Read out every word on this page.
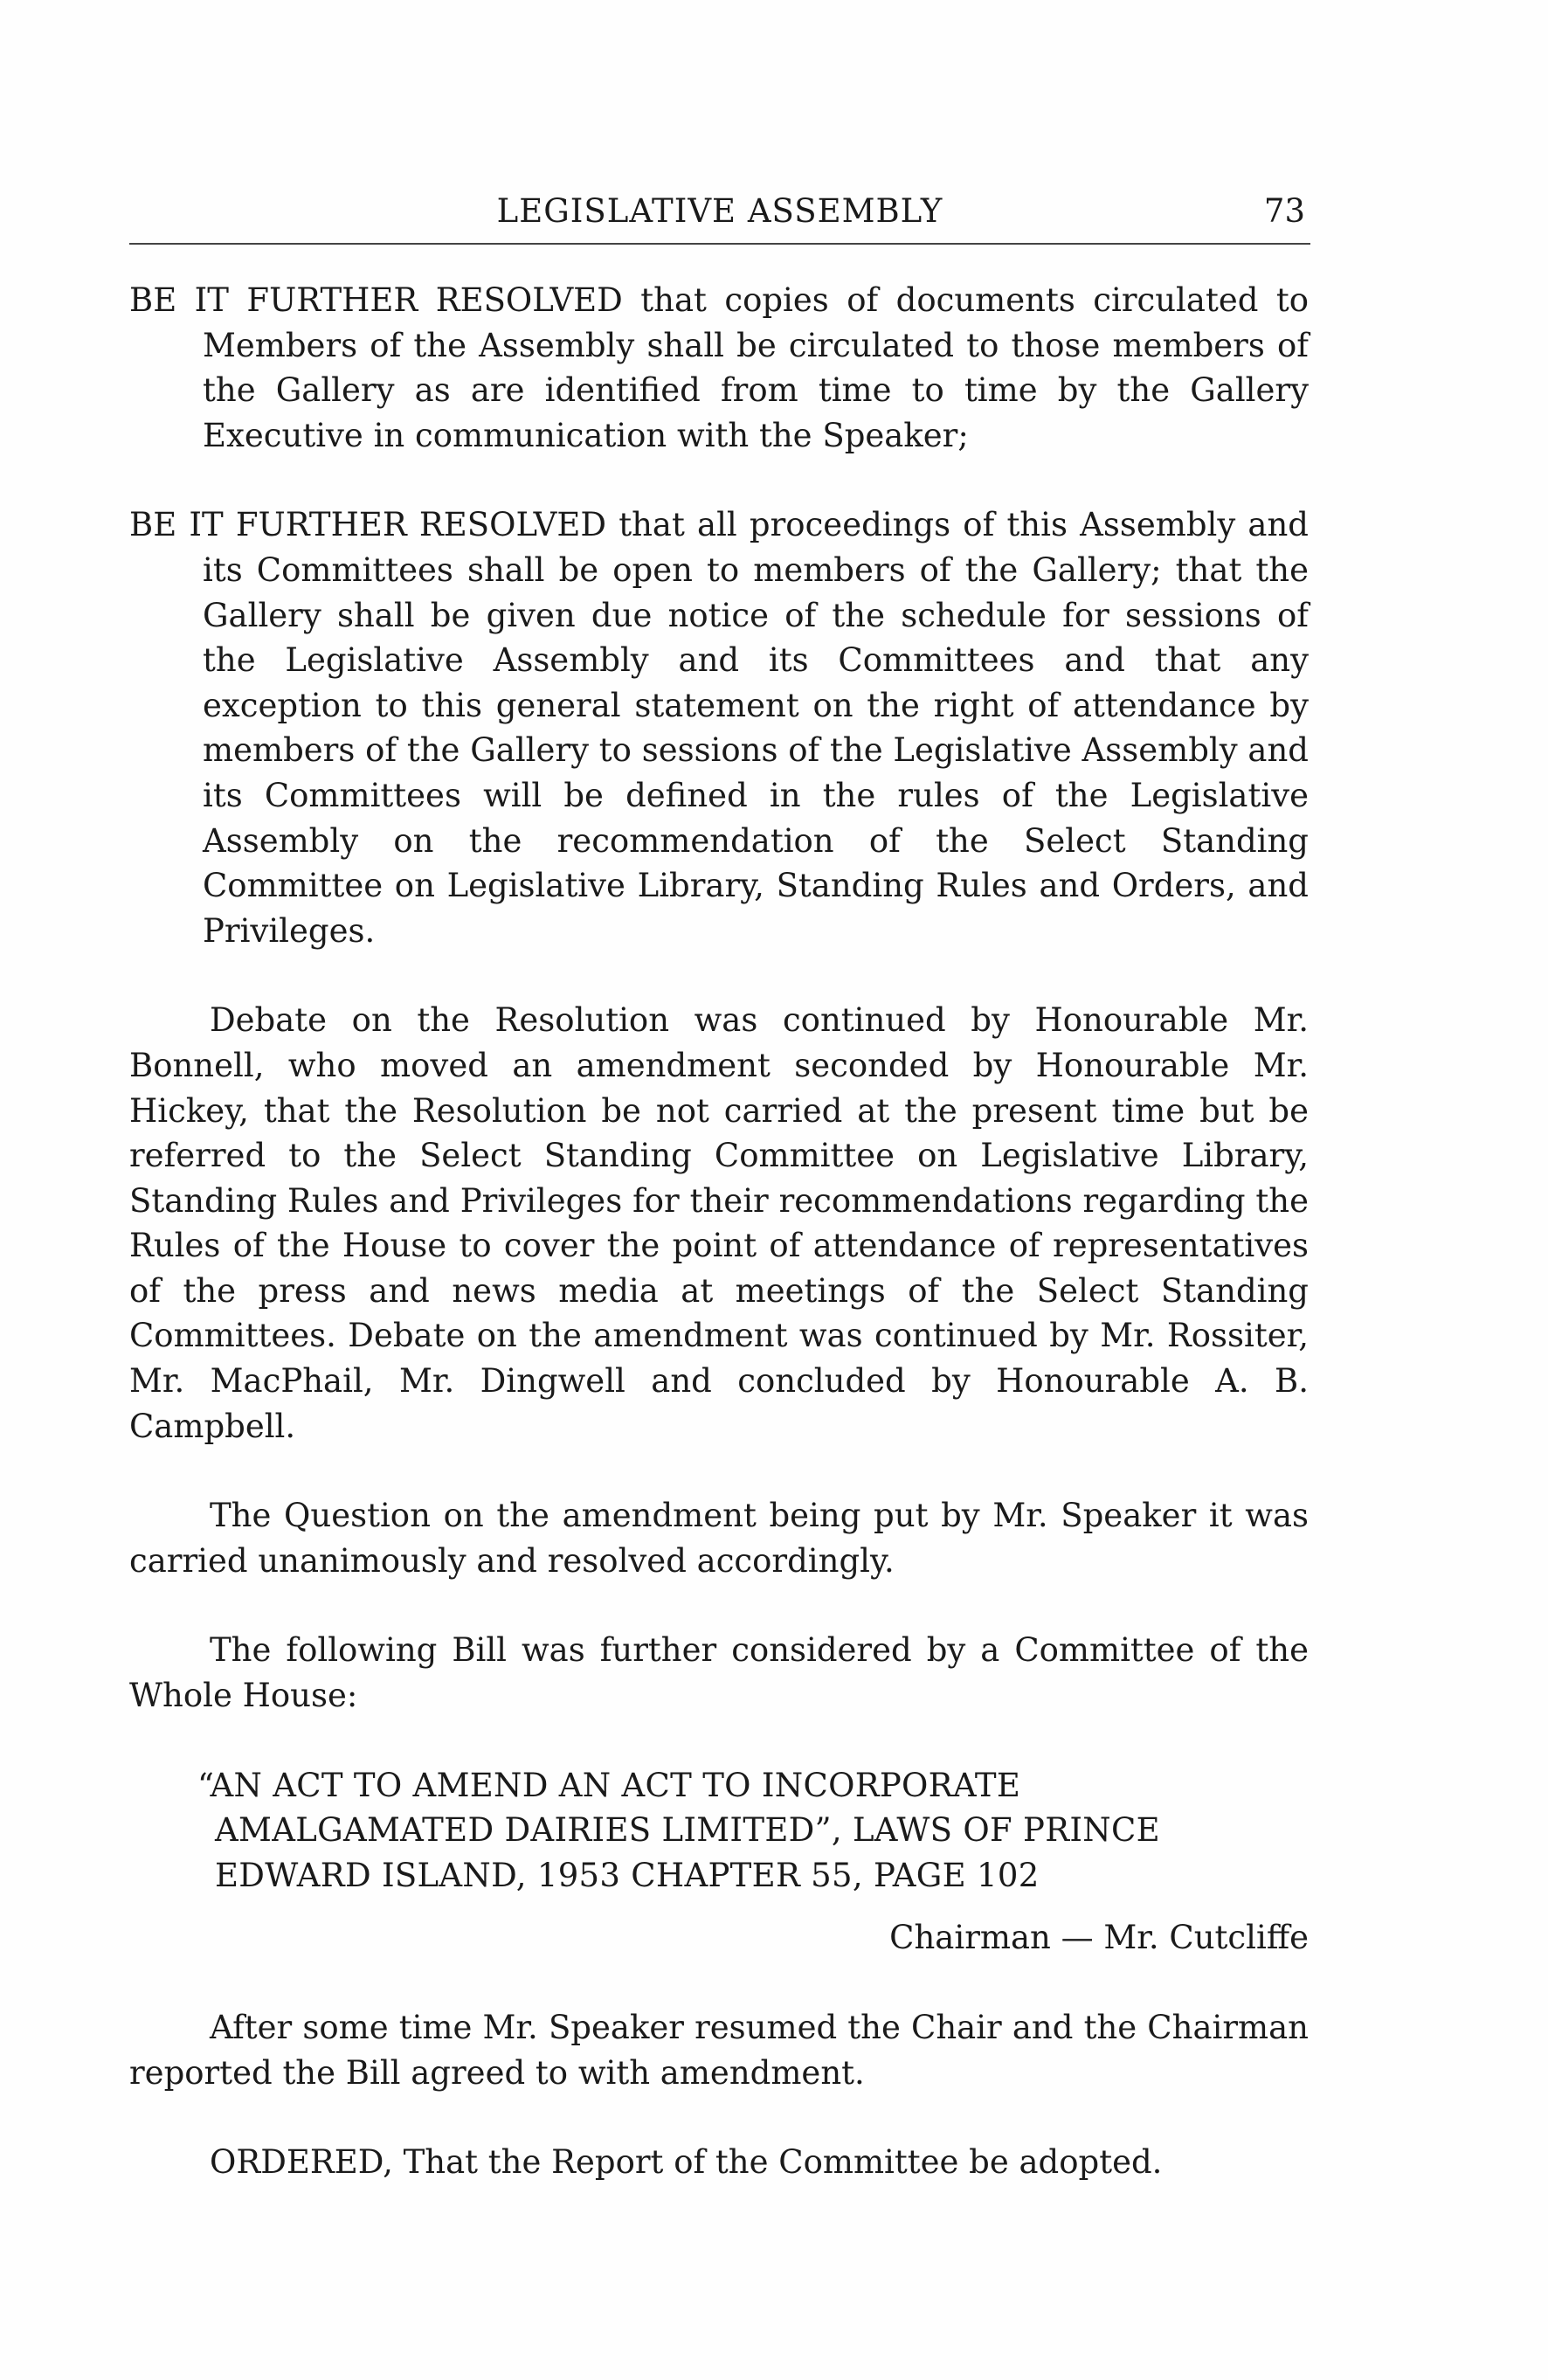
LEGISLATIVE ASSEMBLY	73

BE IT FURTHER RESOLVED that copies of documents circulated to Members of the Assembly shall be circulated to those members of the Gallery as are identified from time to time by the Gallery Executive in communication with the Speaker;

BE IT FURTHER RESOLVED that all proceedings of this Assembly and its Committees shall be open to members of the Gallery; that the Gallery shall be given due notice of the schedule for sessions of the Legislative Assembly and its Committees and that any exception to this general statement on the right of attendance by members of the Gallery to sessions of the Legislative Assembly and its Committees will be defined in the rules of the Legislative Assembly on the recommendation of the Select Standing Committee on Legislative Library, Standing Rules and Orders, and Privileges.

Debate on the Resolution was continued by Honourable Mr. Bonnell, who moved an amendment seconded by Honourable Mr. Hickey, that the Resolution be not carried at the present time but be referred to the Select Standing Committee on Legislative Library, Standing Rules and Privileges for their recommendations regarding the Rules of the House to cover the point of attendance of representatives of the press and news media at meetings of the Select Standing Committees. Debate on the amendment was continued by Mr. Rossiter, Mr. MacPhail, Mr. Dingwell and concluded by Honourable A. B. Campbell.

The Question on the amendment being put by Mr. Speaker it was carried unanimously and resolved accordingly.

The following Bill was further considered by a Committee of the Whole House:

“AN ACT TO AMEND AN ACT TO INCORPORATE AMALGAMATED DAIRIES LIMITED”, LAWS OF PRINCE EDWARD ISLAND, 1953 CHAPTER 55, PAGE 102

Chairman — Mr. Cutcliffe

After some time Mr. Speaker resumed the Chair and the Chairman reported the Bill agreed to with amendment.

ORDERED, That the Report of the Committee be adopted.
